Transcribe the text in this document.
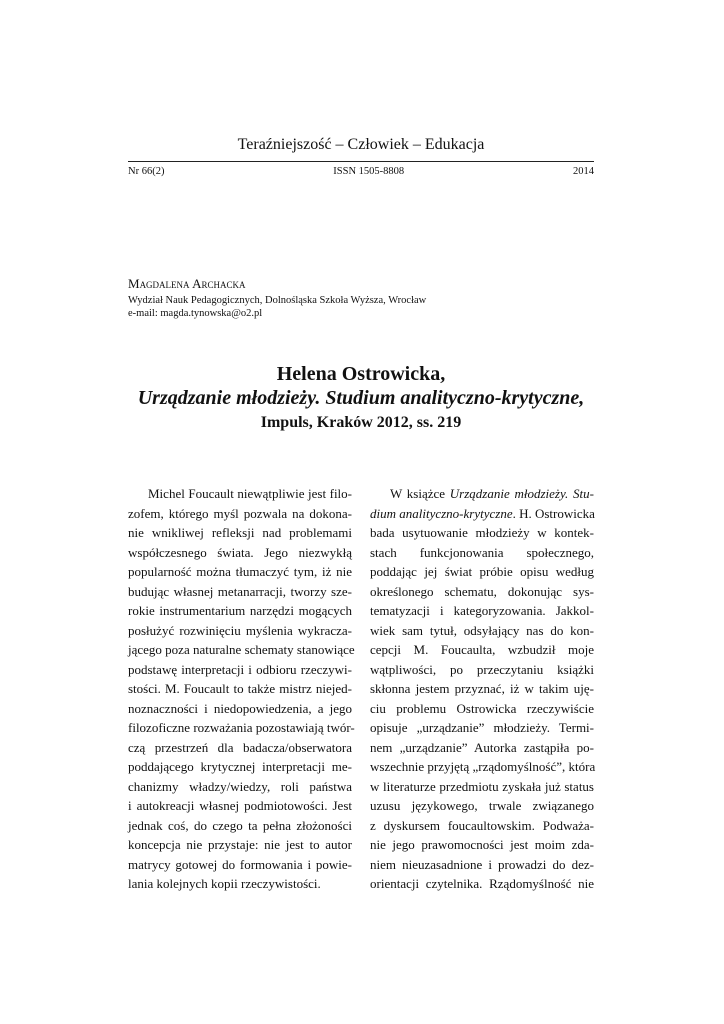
Teraźniejszość – Człowiek – Edukacja
Nr 66(2)	ISSN 1505-8808	2014
Magdalena Archacka
Wydział Nauk Pedagogicznych, Dolnośląska Szkoła Wyższa, Wrocław
e-mail: magda.tynowska@o2.pl
Helena Ostrowicka,
Urządzanie młodzieży. Studium analityczno-krytyczne,
Impuls, Kraków 2012, ss. 219
Michel Foucault niewątpliwie jest filo-
zofem, którego myśl pozwala na dokona-
nie wnikliwej refleksji nad problemami
współczesnego świata. Jego niezwykłą
popularność można tłumaczyć tym, iż nie
budując własnej metanarracji, tworzy sze-
rokie instrumentarium narzędzi mogących
posłużyć rozwinięciu myślenia wykracza-
jącego poza naturalne schematy stanowiące
podstawę interpretacji i odbioru rzeczywi-
stości. M. Foucault to także mistrz niejed-
noznaczności i niedopowiedzenia, a jego
filozoficzne rozważania pozostawiają twór-
czą przestrzeń dla badacza/obserwatora
poddającego krytycznej interpretacji me-
chanizmy władzy/wiedzy, roli państwa
i autokreacji własnej podmiotowości. Jest
jednak coś, do czego ta pełna złożoności
koncepcja nie przystaje: nie jest to autor
matrycy gotowej do formowania i powie-
lania kolejnych kopii rzeczywistości.
W książce Urządzanie młodzieży. Stu-
dium analityczno-krytyczne. H. Ostrowicka
bada usytuowanie młodzieży w kontek-
stach funkcjonowania społecznego,
poddając jej świat próbie opisu według
określonego schematu, dokonując sys-
tematyzacji i kategoryzowania. Jakkol-
wiek sam tytuł, odsyłający nas do kon-
cepcji M. Foucaulta, wzbudził moje
wątpliwości, po przeczytaniu książki
skłonna jestem przyznać, iż w takim uję-
ciu problemu Ostrowicka rzeczywiście
opisuje „urządzanie” młodzieży. Termi-
nem „urządzanie” Autorka zastąpiła po-
wszechnie przyjętą „rządomyślność”, która
w literaturze przedmiotu zyskała już status
uzusu językowego, trwale związanego
z dyskursem foucaultowskim. Podważa-
nie jego prawomocności jest moim zda-
niem nieuzasadnione i prowadzi do dez-
orientacji czytelnika. Rządomyślność nie
